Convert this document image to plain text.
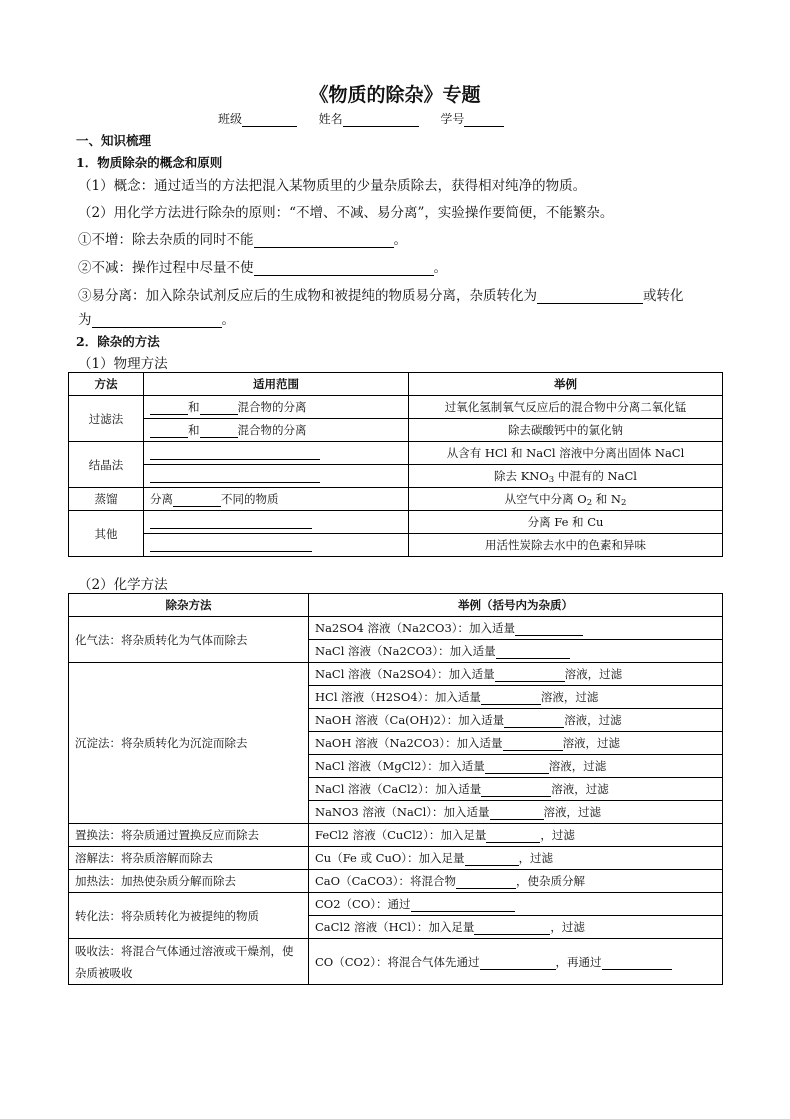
《物质的除杂》专题
班级	姓名	学号
一、知识梳理
1．物质除杂的概念和原则
（1）概念：通过适当的方法把混入某物质里的少量杂质除去，获得相对纯净的物质。
（2）用化学方法进行除杂的原则：“不增、不减、易分离”，实验操作要简便，不能繁杂。
①不增：除去杂质的同时不能	。
②不减：操作过程中尽量不使	。
③易分离：加入除杂试剂反应后的生成物和被提纯的物质易分离，杂质转化为	或转化
为	。
2．除杂的方法
（1）物理方法
方法	适用范围	举例
过滤法	和 混合物的分离	过氧化氢制氧气反应后的混合物中分离二氧化锰
	和 混合物的分离	除去碳酸钙中的氯化钠
结晶法		从含有 HCl 和 NaCl 溶液中分离出固体 NaCl
		除去 $KNO_3$ 中混有的 NaCl
蒸馏	分离 不同的物质	从空气中分离 $O_2$ 和 $N_2$
其他		分离 Fe 和 Cu
		用活性炭除去水中的色素和异味
（2）化学方法
除杂方法	举例（括号内为杂质）
化气法：将杂质转化为气体而除去	Na2SO4 溶液（Na2CO3）：加入适量
	NaCl 溶液（Na2CO3）：加入适量
沉淀法：将杂质转化为沉淀而除去	NaCl 溶液（Na2SO4）：加入适量 溶液，过滤
	HCl 溶液（H2SO4）：加入适量 溶液，过滤
	NaOH 溶液（Ca(OH)2）：加入适量 溶液，过滤
	NaOH 溶液（Na2CO3）：加入适量 溶液，过滤
	NaCl 溶液（MgCl2）：加入适量 溶液，过滤
	NaCl 溶液（CaCl2）：加入适量 溶液，过滤
	NaNO3 溶液（NaCl）：加入适量 溶液，过滤
置换法：将杂质通过置换反应而除去	FeCl2 溶液（CuCl2）：加入足量 ，过滤
溶解法：将杂质溶解而除去	Cu（Fe 或 CuO）：加入足量 ，过滤
加热法：加热使杂质分解而除去	CaO（CaCO3）：将混合物 ，使杂质分解
转化法：将杂质转化为被提纯的物质	CO2（CO）：通过
	CaCl2 溶液（HCl）：加入足量 ，过滤
吸收法：将混合气体通过溶液或干燥剂，使杂质被吸收	CO（CO2）：将混合气体先通过 ，再通过
